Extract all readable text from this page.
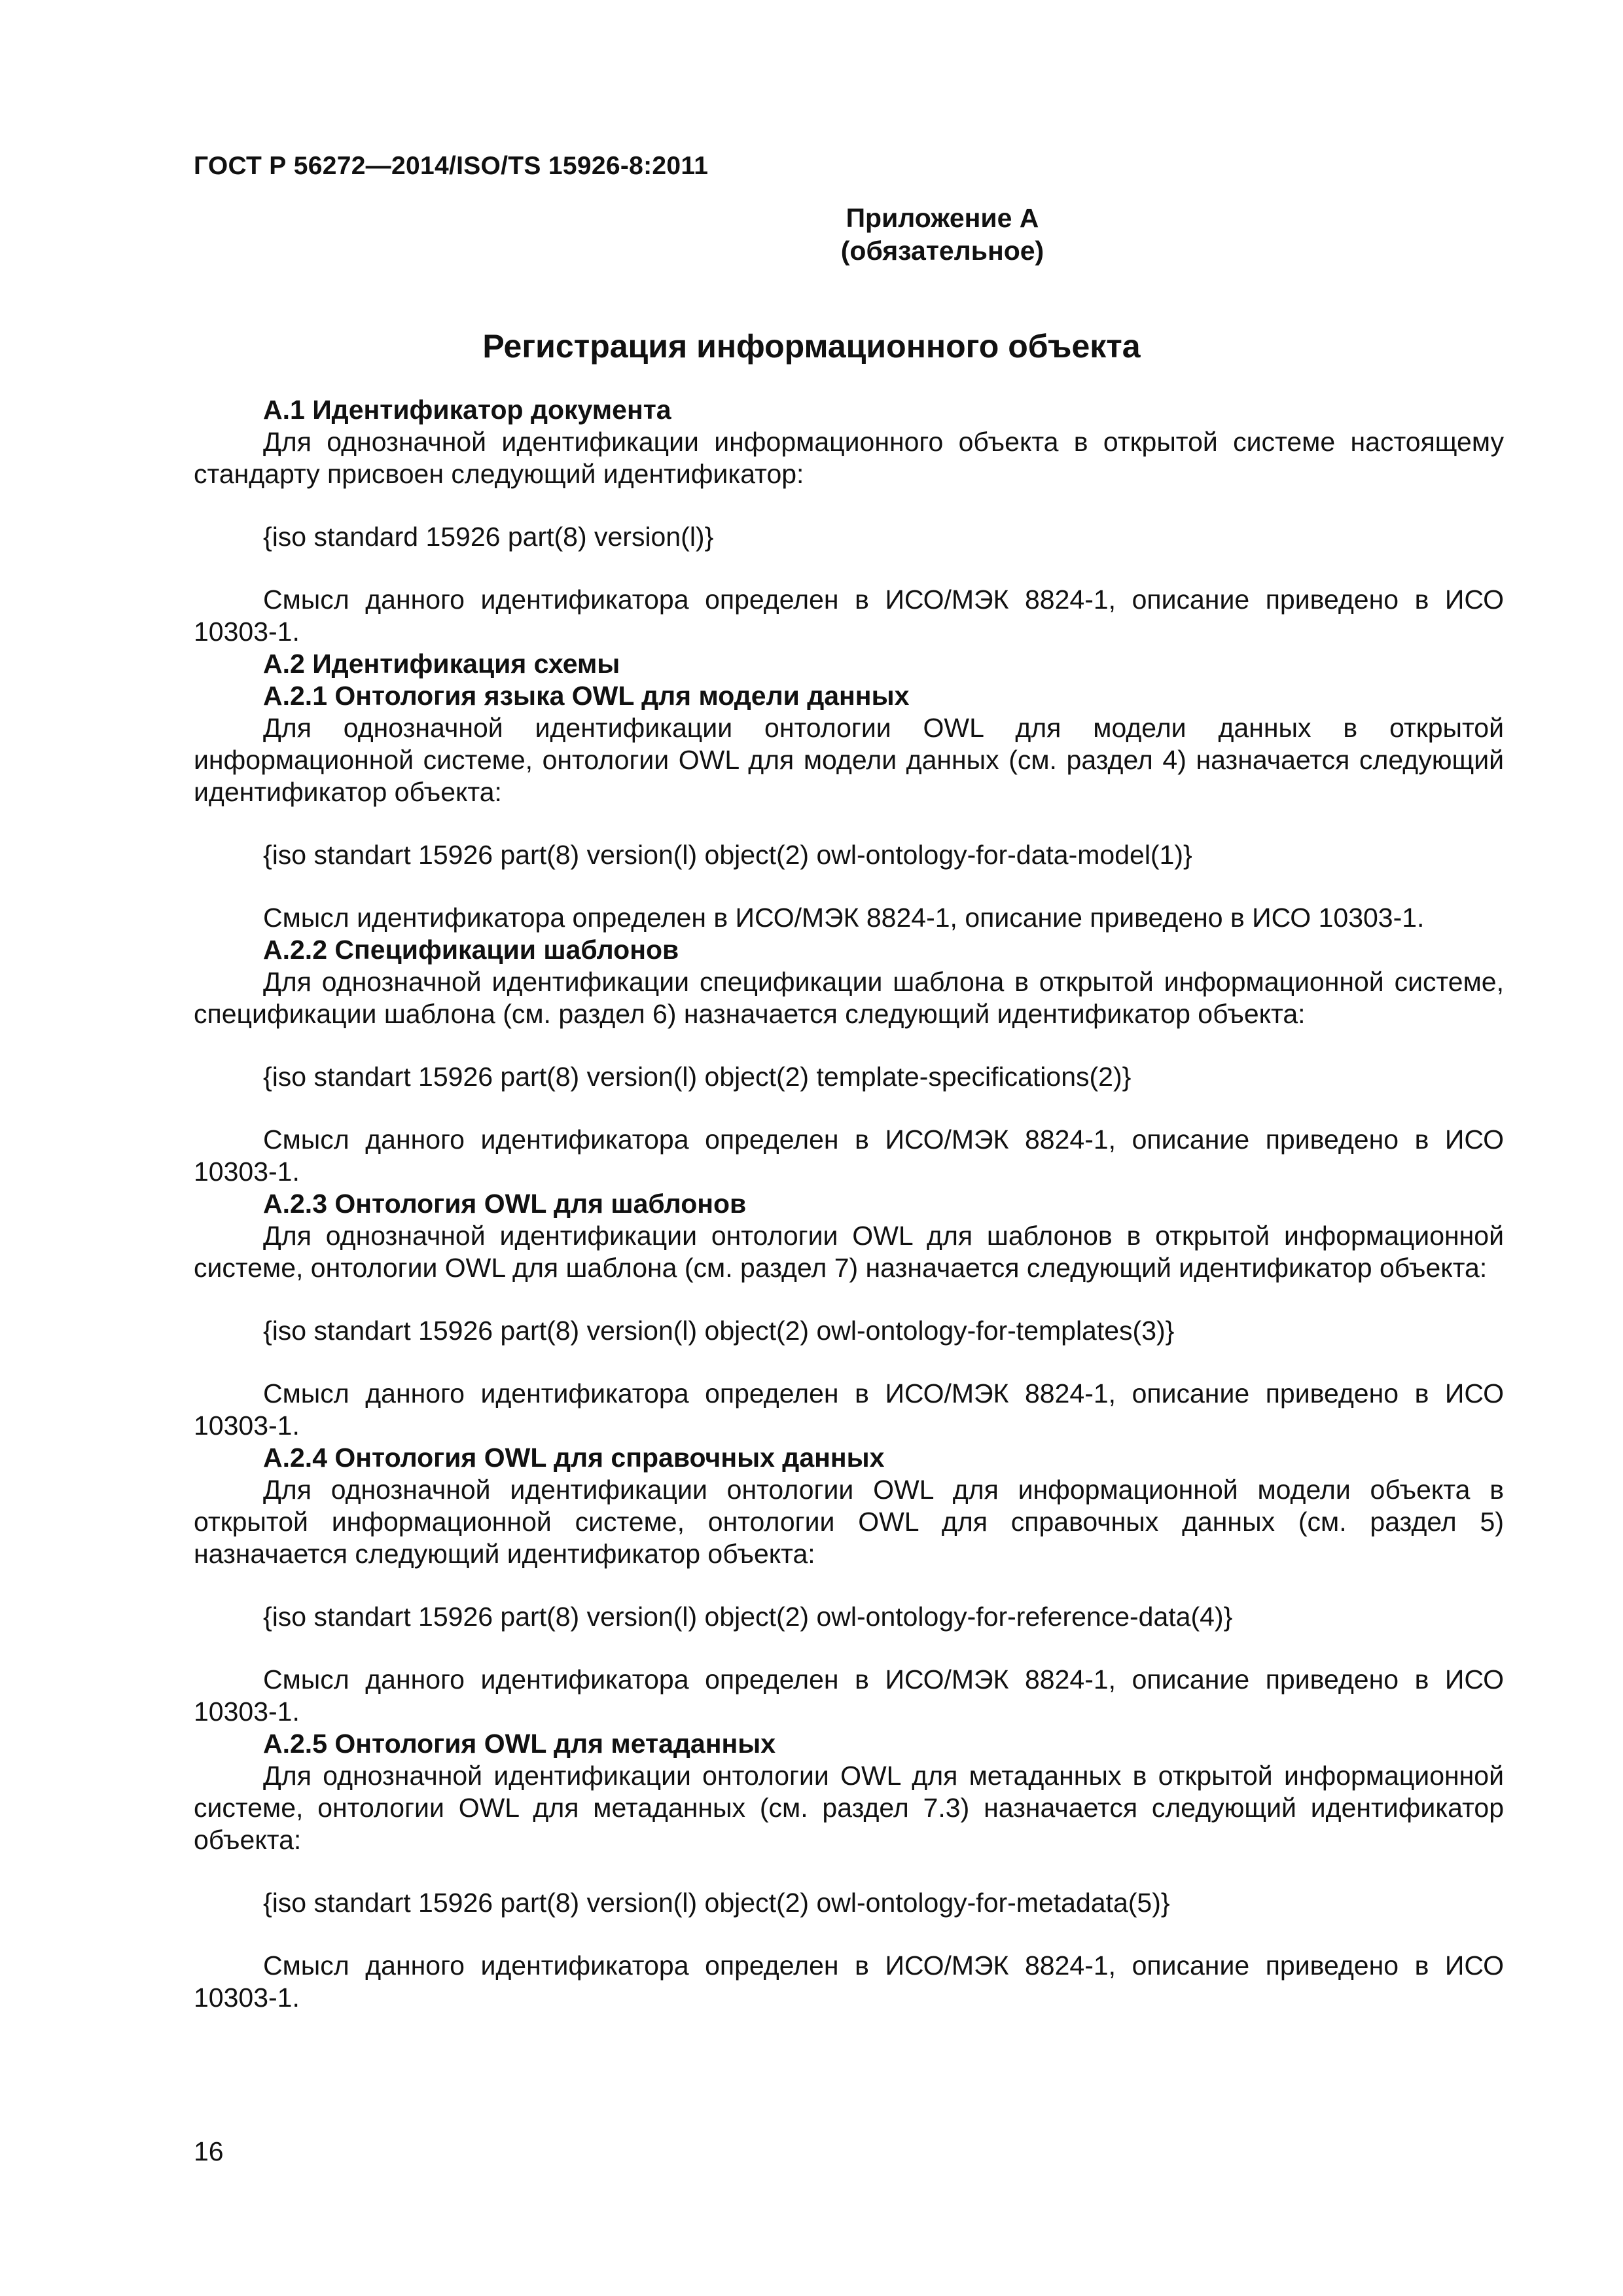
ГОСТ Р 56272—2014/ISO/TS 15926-8:2011
Приложение А
(обязательное)
Регистрация информационного объекта

А.1 Идентификатор документа

Для однозначной идентификации информационного объекта в открытой системе настоящему стандарту присвоен следующий идентификатор:

{iso standard 15926 part(8) version(l)}

Смысл данного идентификатора определен в ИСО/МЭК 8824-1, описание приведено в ИСО 10303-1.

А.2 Идентификация схемы

А.2.1 Онтология языка OWL для модели данных

Для однозначной идентификации онтологии OWL для модели данных в открытой информационной системе, онтологии OWL для модели данных (см. раздел 4) назначается следующий идентификатор объекта:

{iso standart 15926 part(8) version(l) object(2) owl-ontology-for-data-model(1)}

Смысл идентификатора определен в ИСО/МЭК 8824-1, описание приведено в ИСО 10303-1.

А.2.2 Спецификации шаблонов

Для однозначной идентификации спецификации шаблона в открытой информационной системе, спецификации шаблона (см. раздел 6) назначается следующий идентификатор объекта:

{iso standart 15926 part(8) version(l) object(2) template-specifications(2)}

Смысл данного идентификатора определен в ИСО/МЭК 8824-1, описание приведено в ИСО 10303-1.

А.2.3 Онтология OWL для шаблонов

Для однозначной идентификации онтологии OWL для шаблонов в открытой информационной системе, онтологии OWL для шаблона (см. раздел 7) назначается следующий идентификатор объекта:

{iso standart 15926 part(8) version(l) object(2) owl-ontology-for-templates(3)}

Смысл данного идентификатора определен в ИСО/МЭК 8824-1, описание приведено в ИСО 10303-1.

А.2.4 Онтология OWL для справочных данных

Для однозначной идентификации онтологии OWL для информационной модели объекта в открытой информационной системе, онтологии OWL для справочных данных (см. раздел 5) назначается следующий идентификатор объекта:

{iso standart 15926 part(8) version(l) object(2) owl-ontology-for-reference-data(4)}

Смысл данного идентификатора определен в ИСО/МЭК 8824-1, описание приведено в ИСО 10303-1.

А.2.5 Онтология OWL для метаданных

Для однозначной идентификации онтологии OWL для метаданных в открытой информационной системе, онтологии OWL для метаданных (см. раздел 7.3) назначается следующий идентификатор объекта:

{iso standart 15926 part(8) version(l) object(2) owl-ontology-for-metadata(5)}

Смысл данного идентификатора определен в ИСО/МЭК 8824-1, описание приведено в ИСО 10303-1.

16
